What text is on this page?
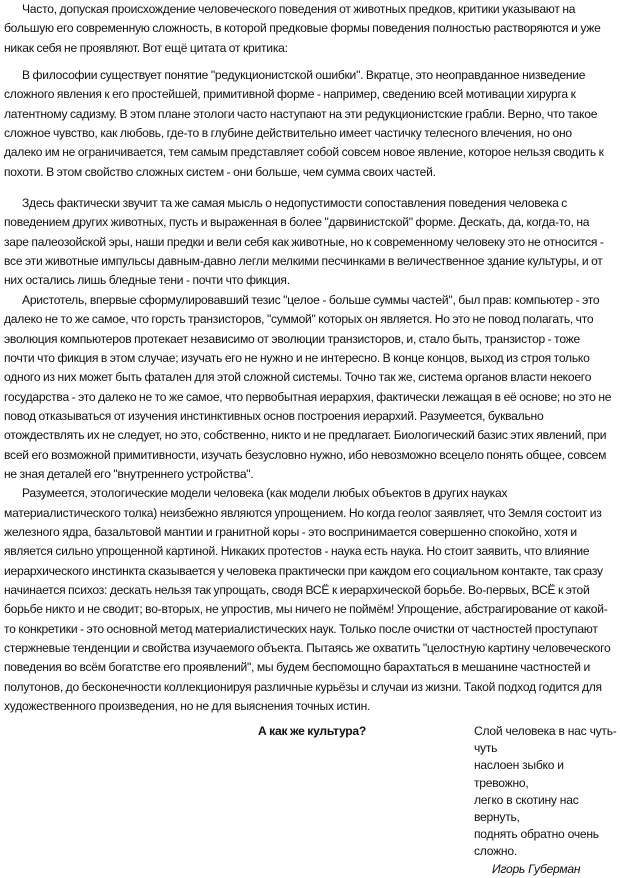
Часто, допуская происхождение человеческого поведения от животных предков, критики указывают на большую его современную сложность, в которой предковые формы поведения полностью растворяются и уже никак себя не проявляют. Вот ещё цитата от критика:

В философии существует понятие "редукционистской ошибки". Вкратце, это неоправданное низведение сложного явления к его простейшей, примитивной форме - например, сведению всей мотивации хирурга к латентному садизму. В этом плане этологи часто наступают на эти редукционистские грабли. Верно, что такое сложное чувство, как любовь, где-то в глубине действительно имеет частичку телесного влечения, но оно далеко им не ограничивается, тем самым представляет собой совсем новое явление, которое нельзя сводить к похоти. В этом свойство сложных систем - они больше, чем сумма своих частей.

Здесь фактически звучит та же самая мысль о недопустимости сопоставления поведения человека с поведением других животных, пусть и выраженная в более "дарвинистской" форме. Дескать, да, когда-то, на заре палеозойской эры, наши предки и вели себя как животные, но к современному человеку это не относится - все эти животные импульсы давным-давно легли мелкими песчинками в величественное здание культуры, и от них остались лишь бледные тени - почти что фикция.

Аристотель, впервые сформулировавший тезис "целое - больше суммы частей", был прав: компьютер - это далеко не то же самое, что горсть транзисторов, "суммой" которых он является. Но это не повод полагать, что эволюция компьютеров протекает независимо от эволюции транзисторов, и, стало быть, транзистор - тоже почти что фикция в этом случае; изучать его не нужно и не интересно. В конце концов, выход из строя только одного из них может быть фатален для этой сложной системы. Точно так же, система органов власти некоего государства - это далеко не то же самое, что первобытная иерархия, фактически лежащая в её основе; но это не повод отказываться от изучения инстинктивных основ построения иерархий. Разумеется, буквально отождествлять их не следует, но это, собственно, никто и не предлагает. Биологический базис этих явлений, при всей его возможной примитивности, изучать безусловно нужно, ибо невозможно всецело понять общее, совсем не зная деталей его "внутреннего устройства".

Разумеется, этологические модели человека (как модели любых объектов в других науках материалистического толка) неизбежно являются упрощением. Но когда геолог заявляет, что Земля состоит из железного ядра, базальтовой мантии и гранитной коры - это воспринимается совершенно спокойно, хотя и является сильно упрощенной картиной. Никаких протестов - наука есть наука. Но стоит заявить, что влияние иерархического инстинкта сказывается у человека практически при каждом его социальном контакте, так сразу начинается психоз: дескать нельзя так упрощать, сводя ВСЁ к иерархической борьбе. Во-первых, ВСЁ к этой борьбе никто и не сводит; во-вторых, не упростив, мы ничего не поймём! Упрощение, абстрагирование от какой-то конкретики - это основной метод материалистических наук. Только после очистки от частностей проступают стержневые тенденции и свойства изучаемого объекта. Пытаясь же охватить "целостную картину человеческого поведения во всём богатстве его проявлений", мы будем беспомощно барахтаться в мешанине частностей и полутонов, до бесконечности коллекционируя различные курьёзы и случаи из жизни. Такой подход годится для художественного произведения, но не для выяснения точных истин.

А как же культура?	Слой человека в нас чуть-
чуть
наслоен зыбко и
тревожно,
легко в скотину нас
вернуть,
поднять обратно очень
сложно.
Игорь Губерман
